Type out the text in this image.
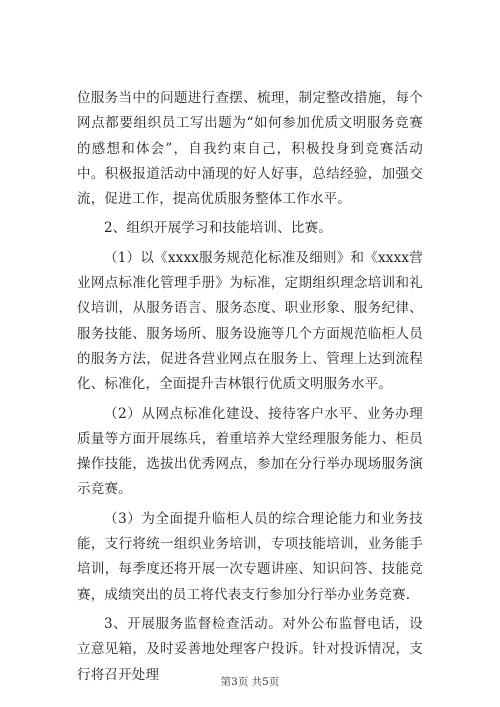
位服务当中的问题进行查摆、梳理，制定整改措施，每个网点都要组织员工写出题为“如何参加优质文明服务竞赛的感想和体会”，自我约束自己，积极投身到竞赛活动中。积极报道活动中涌现的好人好事，总结经验，加强交流，促进工作，提高优质服务整体工作水平。

2、组织开展学习和技能培训、比赛。

（1）以《xxxx服务规范化标准及细则》和《xxxx营业网点标准化管理手册》为标准，定期组织理念培训和礼仪培训，从服务语言、服务态度、职业形象、服务纪律、服务技能、服务场所、服务设施等几个方面规范临柜人员的服务方法，促进各营业网点在服务上、管理上达到流程化、标准化，全面提升吉林银行优质文明服务水平。

（2）从网点标准化建设、接待客户水平、业务办理质量等方面开展练兵，着重培养大堂经理服务能力、柜员操作技能，选拔出优秀网点，参加在分行举办现场服务演示竞赛。

（3）为全面提升临柜人员的综合理论能力和业务技能，支行将统一组织业务培训，专项技能培训，业务能手培训，每季度还将开展一次专题讲座、知识问答、技能竞赛，成绩突出的员工将代表支行参加分行举办业务竞赛.

3、开展服务监督检查活动。对外公布监督电话，设立意见箱，及时妥善地处理客户投诉。针对投诉情况，支行将召开处理	第3页 共5页
